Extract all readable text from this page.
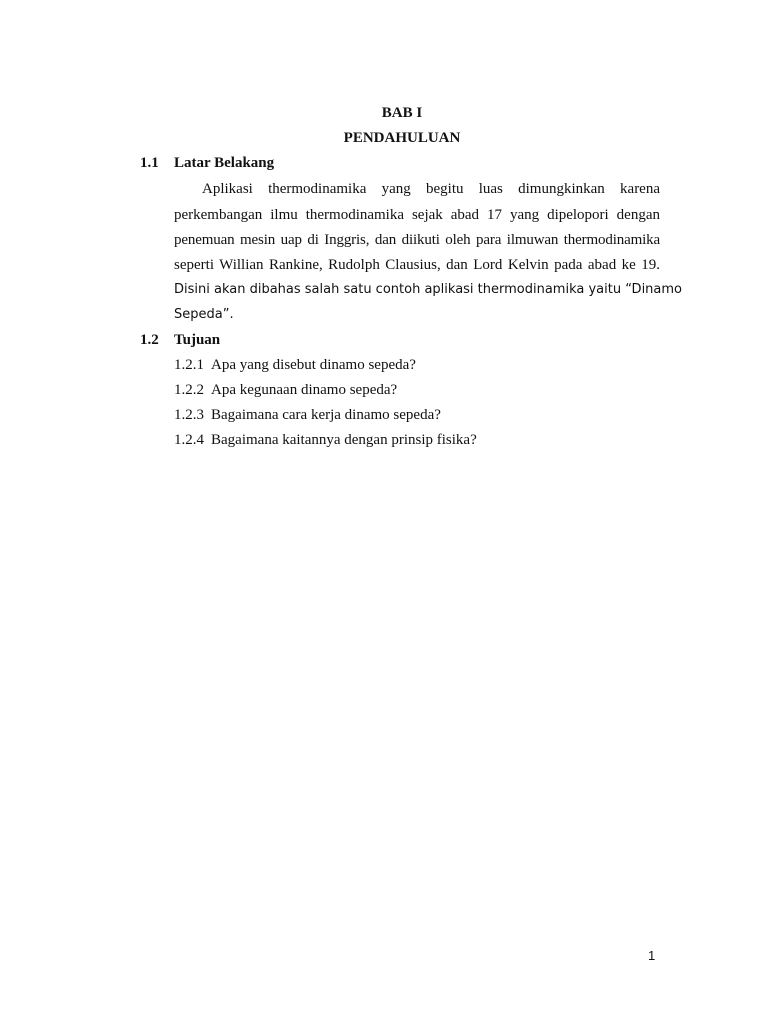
BAB I
PENDAHULUAN
1.1 Latar Belakang
Aplikasi thermodinamika yang begitu luas dimungkinkan karena
perkembangan ilmu thermodinamika sejak abad 17 yang dipelopori dengan
penemuan mesin uap di Inggris, dan diikuti oleh para ilmuwan thermodinamika
seperti Willian Rankine, Rudolph Clausius, dan Lord Kelvin pada abad ke 19.
Disini akan dibahas salah satu contoh aplikasi thermodinamika yaitu “Dinamo
Sepeda”.
1.2 Tujuan
1.2.1 Apa yang disebut dinamo sepeda?
1.2.2 Apa kegunaan dinamo sepeda?
1.2.3 Bagaimana cara kerja dinamo sepeda?
1.2.4 Bagaimana kaitannya dengan prinsip fisika?
1
